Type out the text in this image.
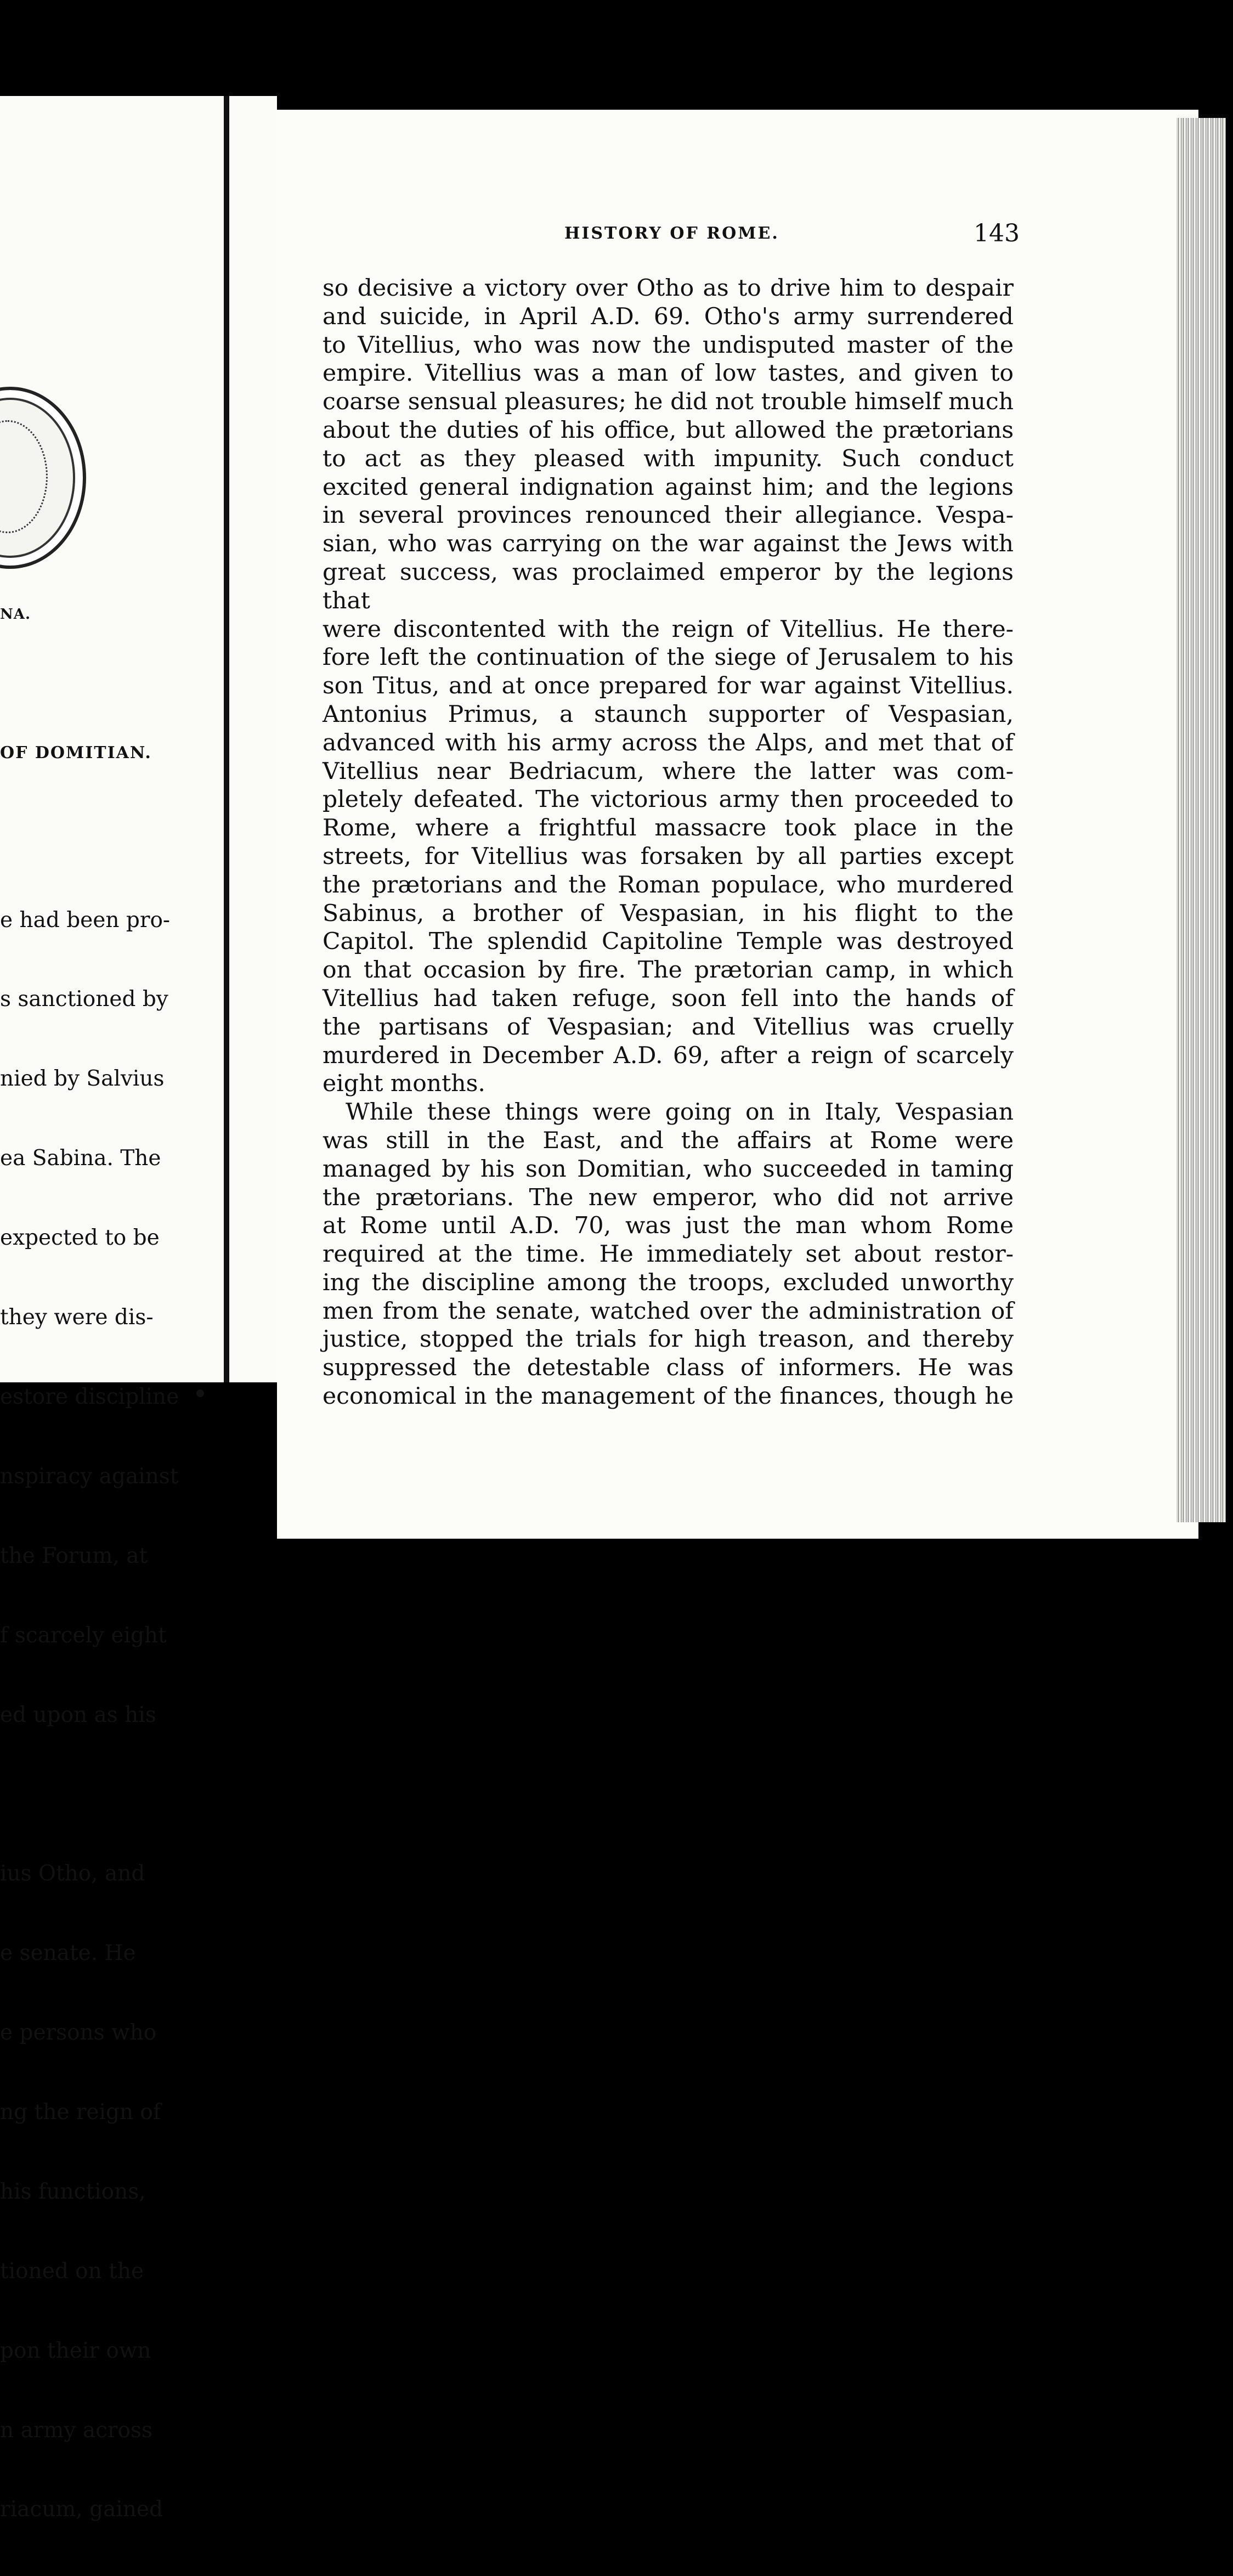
NA.
OF DOMITIAN.

e had been pro-

s sanctioned by

nied by Salvius

ea Sabina. The

expected to be

they were dis-

estore discipline

nspiracy against

the Forum, at

f scarcely eight

ed upon as his

ius Otho, and

e senate. He

e persons who

ng the reign of

his functions,

tioned on the

pon their own

n army across

riacum, gained

HISTORY OF ROME.	143
so decisive a victory over Otho as to drive him to despair
and suicide, in April A.D. 69. Otho's army surrendered
to Vitellius, who was now the undisputed master of the
empire. Vitellius was a man of low tastes, and given to
coarse sensual pleasures; he did not trouble himself much
about the duties of his office, but allowed the prætorians
to act as they pleased with impunity. Such conduct
excited general indignation against him; and the legions
in several provinces renounced their allegiance. Vespa-
sian, who was carrying on the war against the Jews with
great success, was proclaimed emperor by the legions that
were discontented with the reign of Vitellius. He there-
fore left the continuation of the siege of Jerusalem to his
son Titus, and at once prepared for war against Vitellius.
Antonius Primus, a staunch supporter of Vespasian,
advanced with his army across the Alps, and met that of
Vitellius near Bedriacum, where the latter was com-
pletely defeated. The victorious army then proceeded to
Rome, where a frightful massacre took place in the
streets, for Vitellius was forsaken by all parties except
the prætorians and the Roman populace, who murdered
Sabinus, a brother of Vespasian, in his flight to the
Capitol. The splendid Capitoline Temple was destroyed
on that occasion by fire. The prætorian camp, in which
Vitellius had taken refuge, soon fell into the hands of
the partisans of Vespasian; and Vitellius was cruelly
murdered in December A.D. 69, after a reign of scarcely
eight months.
While these things were going on in Italy, Vespasian
was still in the East, and the affairs at Rome were
managed by his son Domitian, who succeeded in taming
the prætorians. The new emperor, who did not arrive
at Rome until A.D. 70, was just the man whom Rome
required at the time. He immediately set about restor-
ing the discipline among the troops, excluded unworthy
men from the senate, watched over the administration of
justice, stopped the trials for high treason, and thereby
suppressed the detestable class of informers. He was
economical in the management of the finances, though he
